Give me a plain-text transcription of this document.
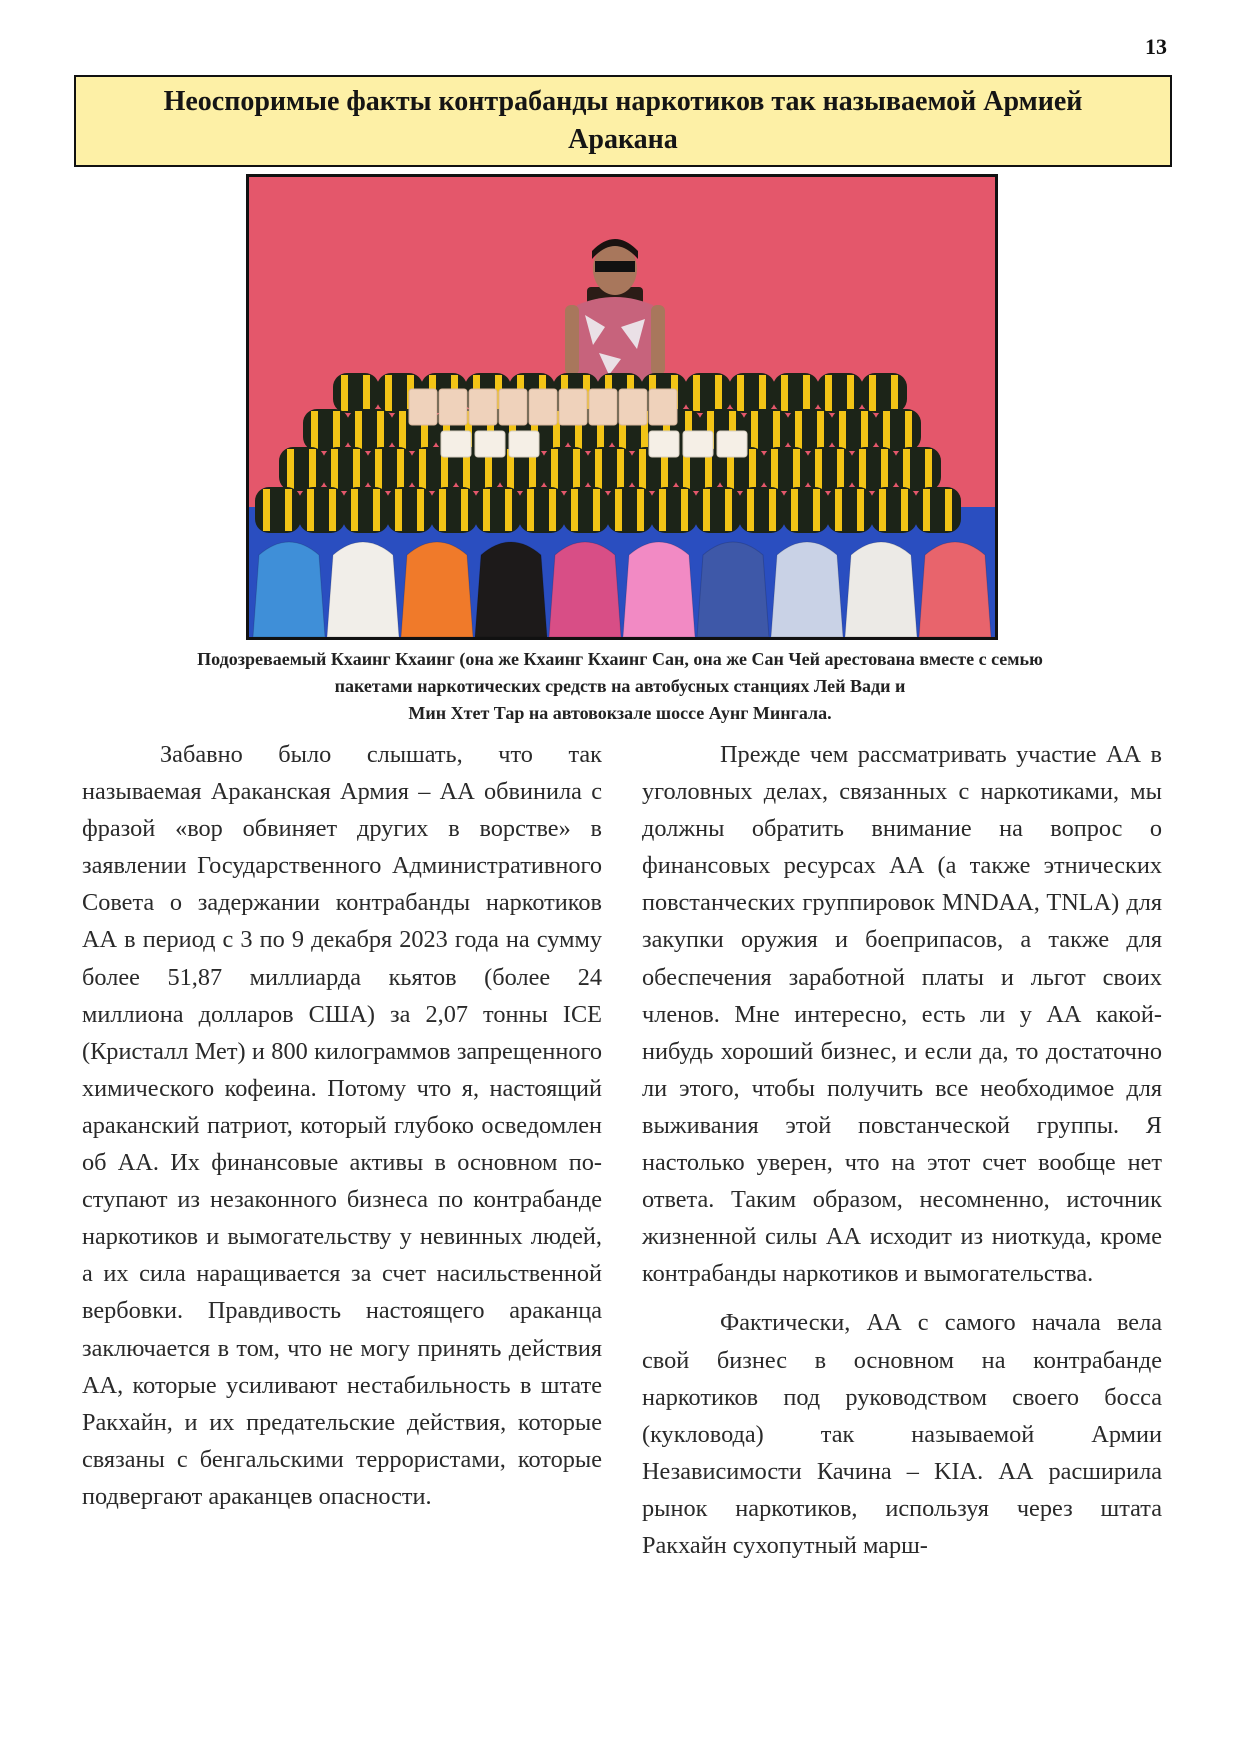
13
Неоспоримые факты контрабанды наркотиков так называемой Армией Аракана
Подозреваемый Кхаинг Кхаинг (она же Кхаинг Кхаинг Сан, она же Сан Чей арестована вместе с семью
пакетами наркотических средств на автобусных станциях Лей Вади и
Мин Хтет Тар на автовокзале шоссе Аунг Мингала.

Забавно было слышать, что так называемая Араканская Армия – АА обвинила с фразой «вор обвиняет других в ворстве» в заявлении Государственного Административного Совета о задержании контрабанды наркотиков АА в период с 3 по 9 декабря 2023 года на сумму более 51,87 миллиарда кьятов (более 24 миллиона долларов США) за 2,07 тонны ICE (Кристалл Мет) и 800 килограммов запрещенного химического кофеина. Потому что я, настоящий араканский патриот, который глубоко осведомлен об АА. Их финансовые активы в основном поступают из незаконного бизнеса по контрабанде наркотиков и вымогательству у невинных людей, а их сила наращивается за счет насильственной вербовки. Правдивость настоящего араканца заключается в том, что не могу принять действия АА, которые усиливают нестабильность в штате Ракхайн, и их предательские действия, которые связаны с бенгальскими террористами, которые подвергают араканцев опасности.

Прежде чем рассматривать участие АА в уголовных делах, связанных с наркотиками, мы должны обратить внимание на вопрос о финансовых ресурсах АА (а также этнических повстанческих группировок MNDAA, TNLA) для закупки оружия и боеприпасов, а также для обеспечения заработной платы и льгот своих членов. Мне интересно, есть ли у АА какой-нибудь хороший бизнес, и если да, то достаточно ли этого, чтобы получить все необходимое для выживания этой повстанческой группы. Я настолько уверен, что на этот счет вообще нет ответа. Таким образом, несомненно, источник жизненной силы АА исходит из ниоткуда, кроме контрабанды наркотиков и вымогательства.

Фактически, АА с самого начала вела свой бизнес в основном на контрабанде наркотиков под руководством своего босса (кукловода) так называемой Армии Независимости Качина – KIA. АА расширила рынок наркотиков, используя через штата Ракхайн сухопутный марш-
